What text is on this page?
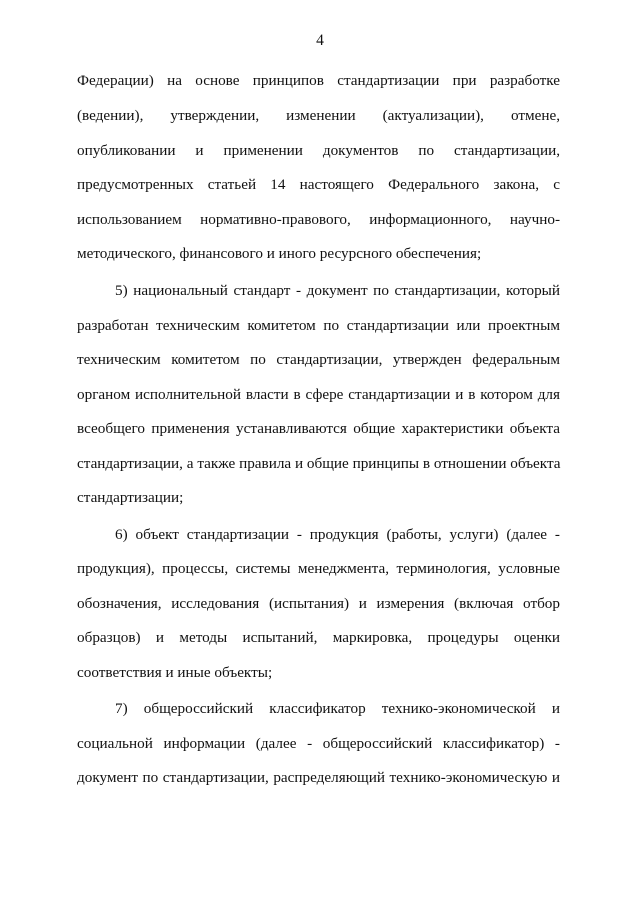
4
Федерации) на основе принципов стандартизации при разработке
(ведении), утверждении, изменении (актуализации), отмене,
опубликовании и применении документов по стандартизации,
предусмотренных статьей 14 настоящего Федерального закона, с
использованием нормативно-правового, информационного, научно-
методического, финансового и иного ресурсного обеспечения;
5) национальный стандарт - документ по стандартизации, который
разработан техническим комитетом по стандартизации или проектным
техническим комитетом по стандартизации, утвержден федеральным
органом исполнительной власти в сфере стандартизации и в котором для
всеобщего применения устанавливаются общие характеристики объекта
стандартизации, а также правила и общие принципы в отношении объекта
стандартизации;
6) объект стандартизации - продукция (работы, услуги) (далее -
продукция), процессы, системы менеджмента, терминология, условные
обозначения, исследования (испытания) и измерения (включая отбор
образцов) и методы испытаний, маркировка, процедуры оценки
соответствия и иные объекты;
7) общероссийский классификатор технико-экономической и
социальной информации (далее - общероссийский классификатор) -
документ по стандартизации, распределяющий технико-экономическую и
